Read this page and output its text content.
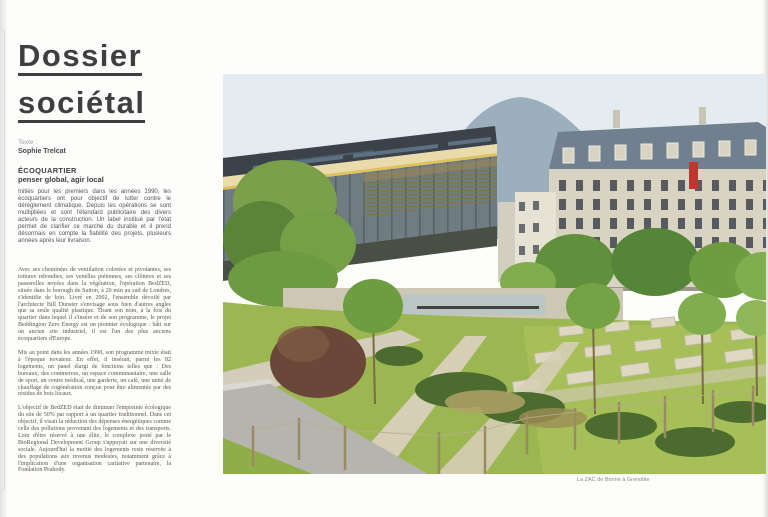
Dossier
sociétal
Texte :
Sophie Trelcat
ÉCOQUARTIER
penser global, agir local
Initiés pour les premiers dans les années 1990, les écoquartiers ont pour objectif de lutter contre le dérèglement climatique. Depuis les opérations se sont multipliées et sont l'étendard publicitaire des divers acteurs de la construction. Un label institué par l'état permet de clarifier ce marché du durable et il prend désormais en compte la fiabilité des projets, plusieurs années après leur livraison.

Avec ses cheminées de ventilation colorées et pivotantes, ses toitures rebondies, ses venelles piétonnes, ses clôtures et ses passerelles noyées dans la végétation, l'opération BedZED, située dans le borough de Sutton, à 20 min au sud de Londres, s'identifie de loin. Livré en 2002, l'ensemble dévoilé par l'architecte Bill Dunster s'envisage sous bien d'autres angles que sa seule qualité plastique. Tirant son nom, à la fois du quartier dans lequel il s'insère et de son programme, le projet Beddington Zero Energy est un pionnier écologique : bâti sur un ancien site industriel, il est l'un des plus anciens écoquartiers d'Europe.

Mis au point dans les années 1990, son programme mixte était à l'époque novateur. En effet, il insérait, parmi les 82 logements, un panel élargi de fonctions telles que : Des bureaux, des commerces, un espace communautaire, une salle de sport, un centre médical, une garderie, un café, une unité de chauffage de cogénération conçue pour être alimentée par des résidus de bois locaux.

L'objectif de BedZED était de diminuer l'empreinte écologique du site de 50% par rapport à un quartier traditionnel. Dans cet objectif, il visait la réduction des dépenses énergétiques comme celle des pollutions provenant des logements et des transports. Loin d'être réservé à une élite, le complexe porté par le BioRegional Development Group s'appuyait sur une diversité sociale. Aujourd'hui la moitié des logements reste réservée à des populations aux revenus modestes, notamment grâce à l'implication d'une organisation caritative partenaire, la Fondation Peabody.

La ZAC de Bonne à Grenoble
